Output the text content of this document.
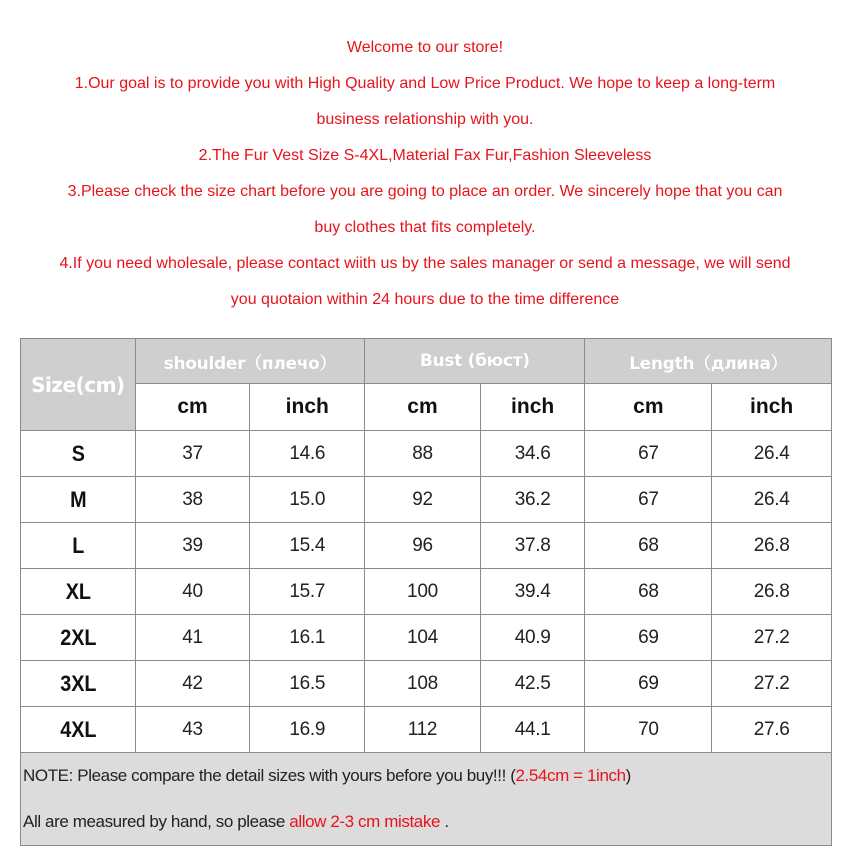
Welcome to our store!
1.Our goal is to provide you with High Quality and Low Price Product. We hope to keep a long-term
business relationship with you.
2.The Fur Vest Size S-4XL,Material Fax Fur,Fashion Sleeveless
3.Please check the size chart before you are going to place an order. We sincerely hope that you can
buy clothes that fits completely.
4.If you need wholesale, please contact wiith us by the sales manager or send a message, we will send
you quotaion within 24 hours due to the time difference
Size(cm)	shoulder（плечо）		Bust (бюст)		Length（длина）	
	cm	inch	cm	inch	cm	inch
S	37	14.6	88	34.6	67	26.4
M	38	15.0	92	36.2	67	26.4
L	39	15.4	96	37.8	68	26.8
XL	40	15.7	100	39.4	68	26.8
2XL	41	16.1	104	40.9	69	27.2
3XL	42	16.5	108	42.5	69	27.2
4XL	43	16.9	112	44.1	70	27.6

NOTE: Please compare the detail sizes with yours before you buy!!! (2.54cm = 1inch)
All are measured by hand, so please allow 2-3 cm mistake .						
